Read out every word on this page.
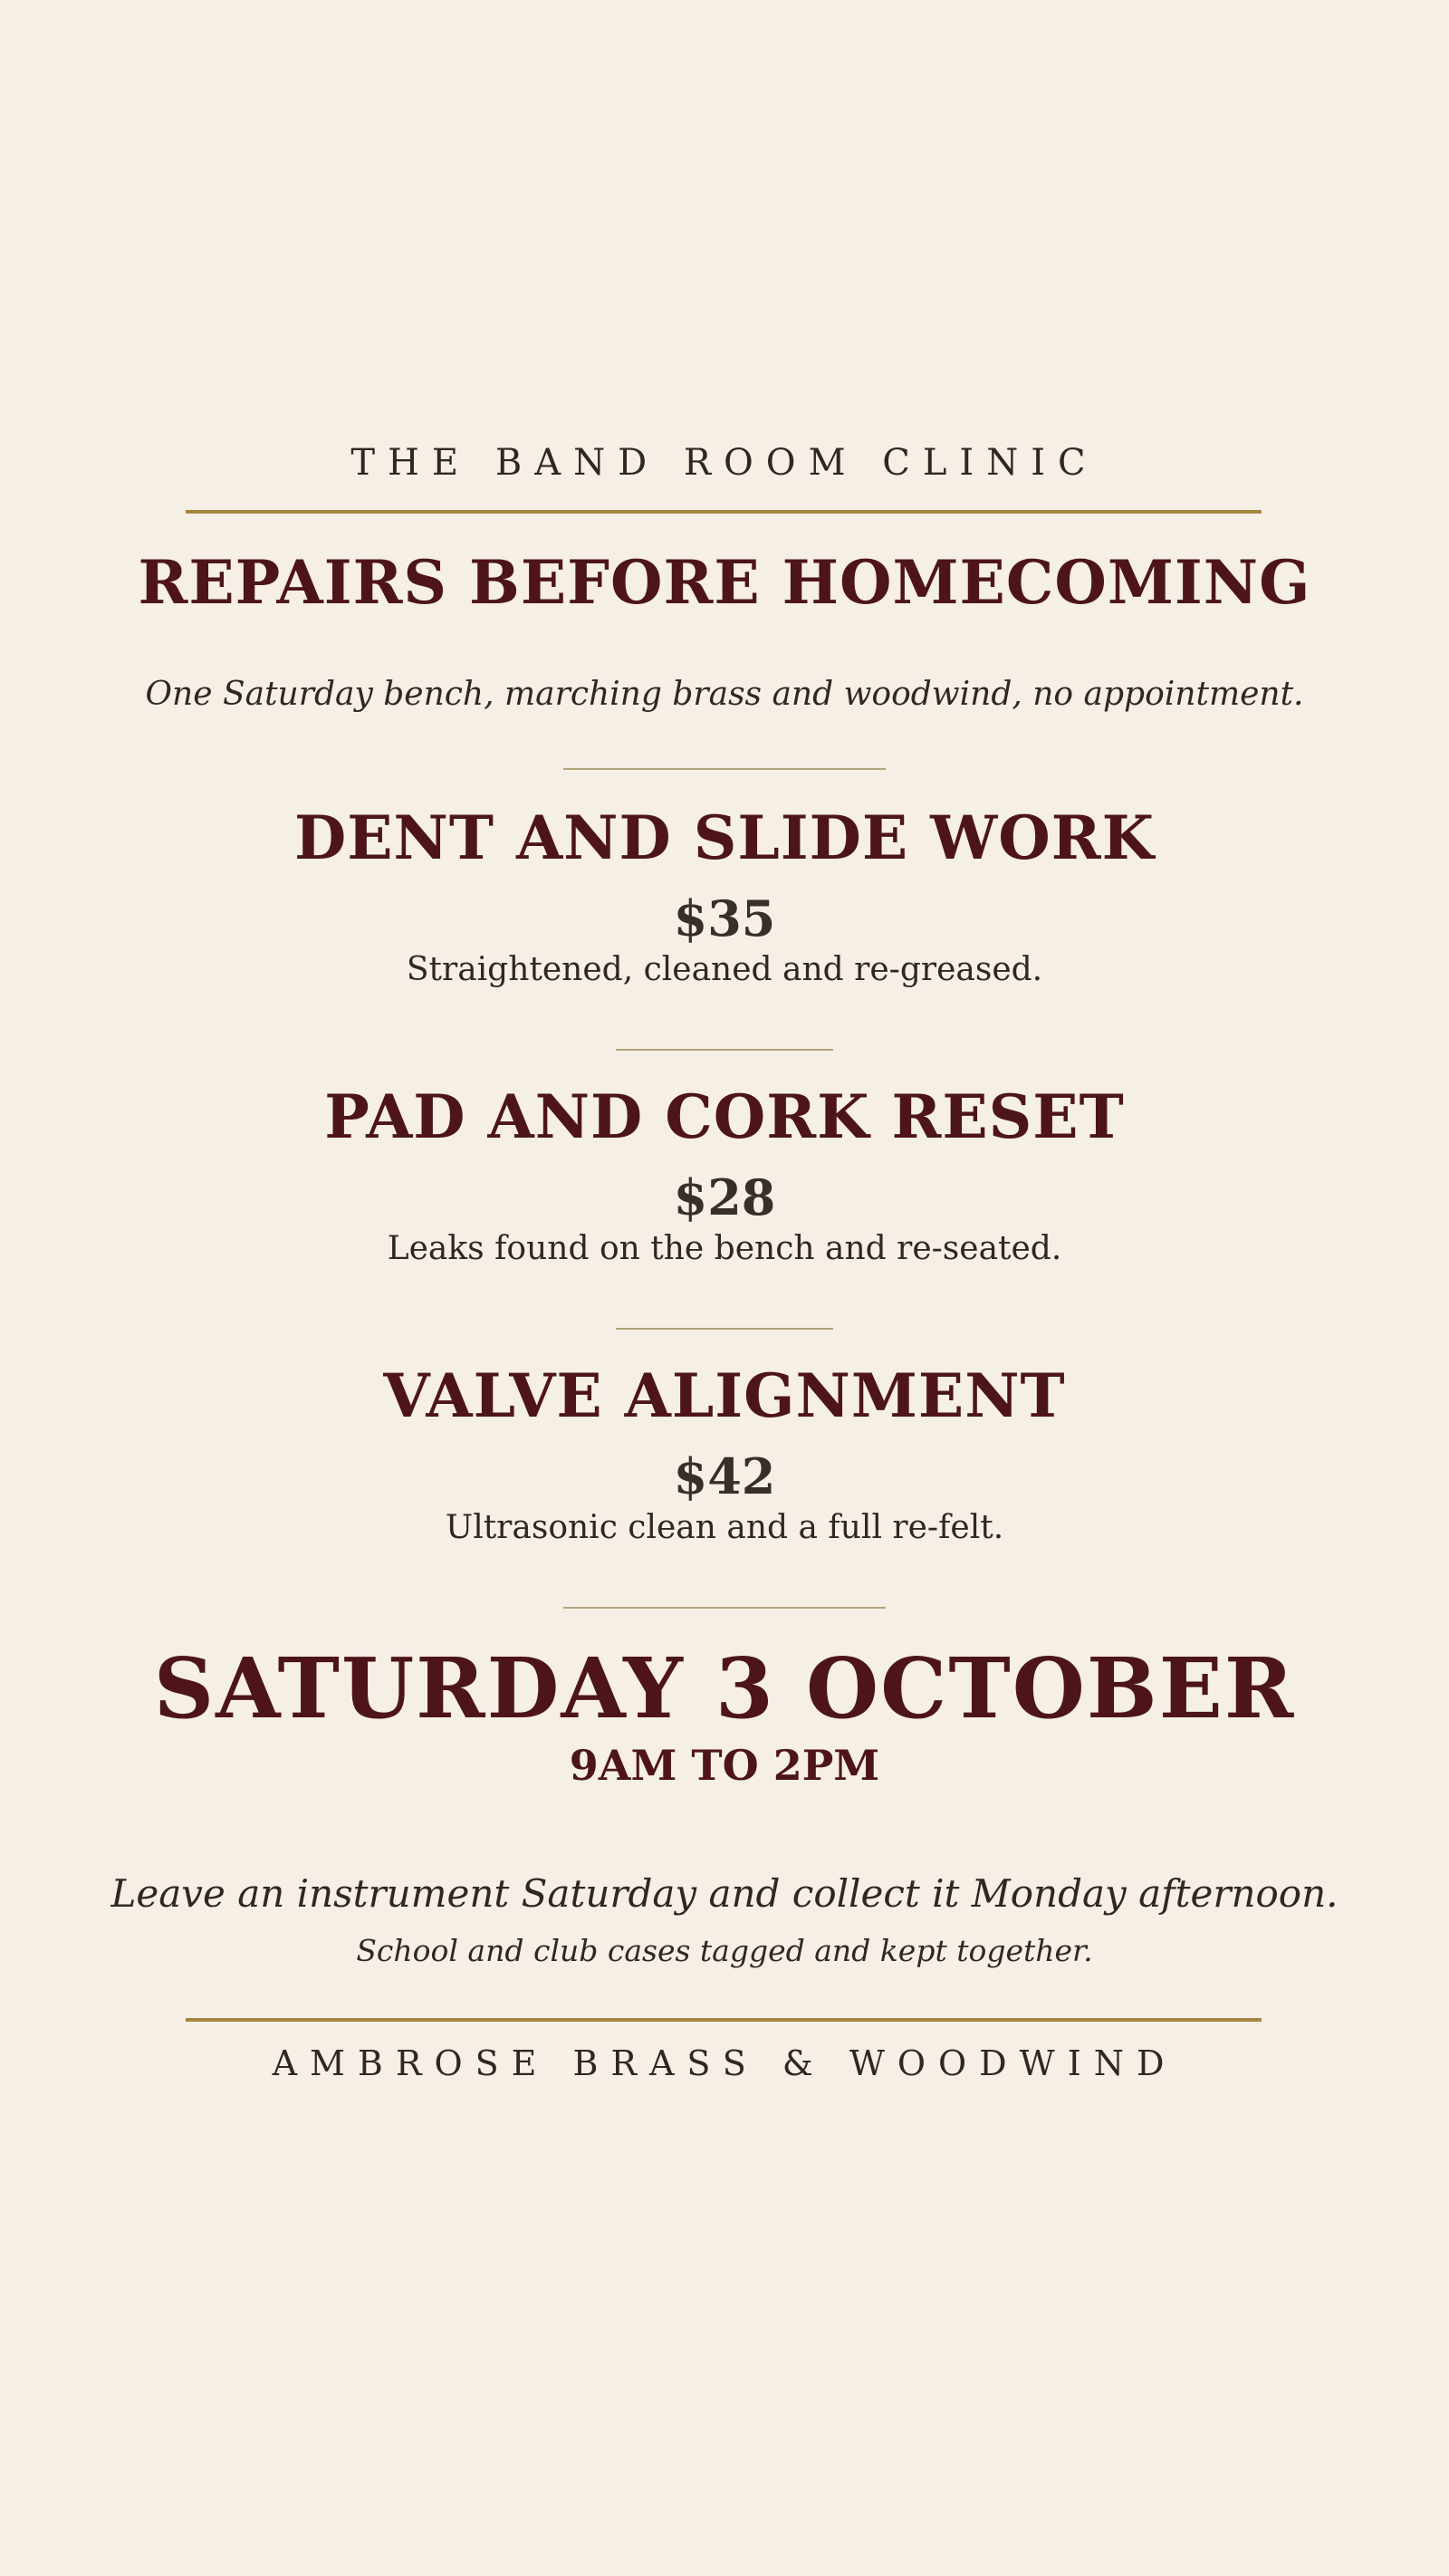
THE BAND ROOM CLINIC
REPAIRS BEFORE HOMECOMING
One Saturday bench, marching brass and woodwind, no appointment.
DENT AND SLIDE WORK
$35
Straightened, cleaned and re-greased.
PAD AND CORK RESET
$28
Leaks found on the bench and re-seated.
VALVE ALIGNMENT
$42
Ultrasonic clean and a full re-felt.
SATURDAY 3 OCTOBER
9AM TO 2PM
Leave an instrument Saturday and collect it Monday afternoon.
School and club cases tagged and kept together.
AMBROSE BRASS & WOODWIND
